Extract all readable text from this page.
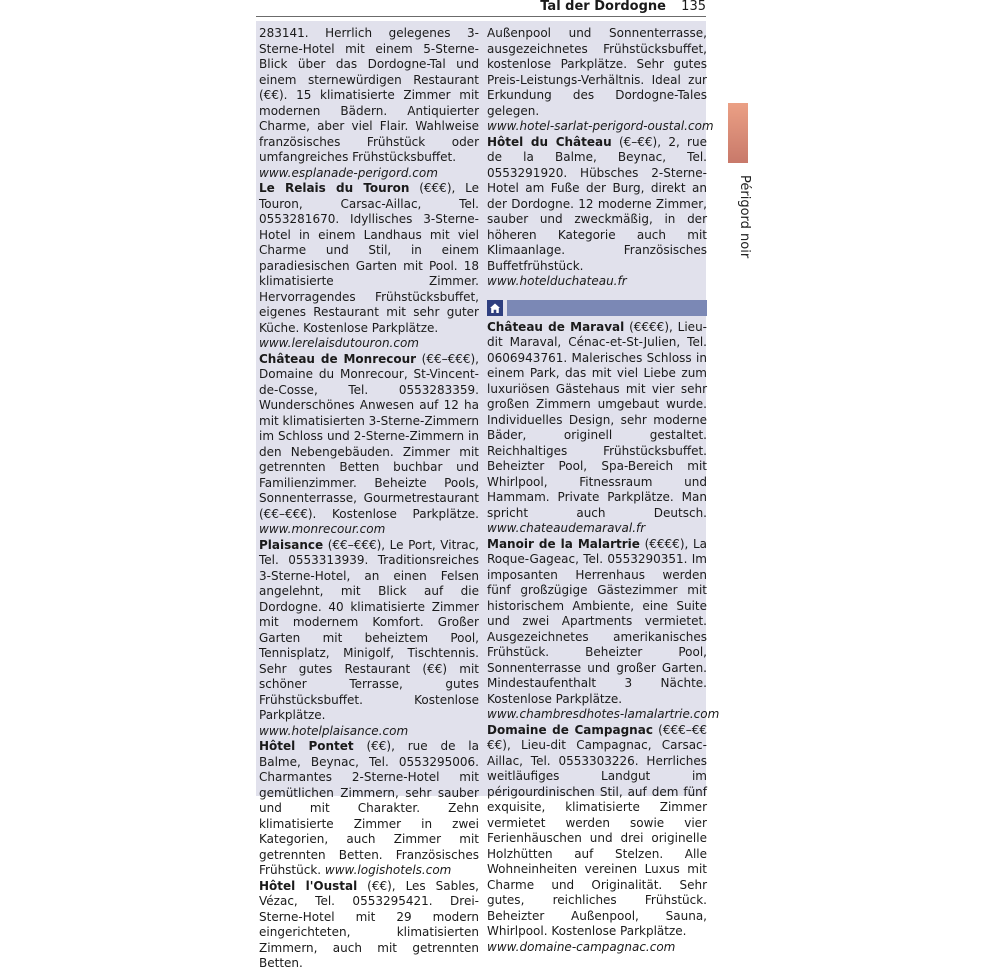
Tal der Dordogne 135

283141. Herrlich gelegenes 3-Sterne-Hotel mit einem 5-Sterne-Blick über das Dordogne-Tal und einem sternewürdigen Restaurant (€€). 15 klimatisierte Zimmer mit modernen Bädern. Antiquierter Charme, aber viel Flair. Wahlweise französisches Frühstück oder umfangreiches Frühstücksbuffet.
www.esplanade-perigord.com

Le Relais du Touron (€€€), Le Touron, Carsac-Aillac, Tel. 0553281670. Idyllisches 3-Sterne-Hotel in einem Landhaus mit viel Charme und Stil, in einem paradiesischen Garten mit Pool. 18 klimatisierte Zimmer. Hervorragendes Frühstücksbuffet, eigenes Restaurant mit sehr guter Küche. Kostenlose Parkplätze.
www.lerelaisdutouron.com

Château de Monrecour (€€–€€€), Domaine du Monrecour, St-Vincent-de-Cosse, Tel. 0553283359. Wunderschönes Anwesen auf 12 ha mit klimatisierten 3-Sterne-Zimmern im Schloss und 2-Sterne-Zimmern in den Nebengebäuden. Zimmer mit getrennten Betten buchbar und Familienzimmer. Beheizte Pools, Sonnenterrasse, Gourmetrestaurant (€€–€€€). Kostenlose Parkplätze. www.monrecour.com

Plaisance (€€–€€€), Le Port, Vitrac, Tel. 0553313939. Traditionsreiches 3-Sterne-Hotel, an einen Felsen angelehnt, mit Blick auf die Dordogne. 40 klimatisierte Zimmer mit modernem Komfort. Großer Garten mit beheiztem Pool, Tennisplatz, Minigolf, Tischtennis. Sehr gutes Restaurant (€€) mit schöner Terrasse, gutes Frühstücksbuffet. Kostenlose Parkplätze.
www.hotelplaisance.com

Hôtel Pontet (€€), rue de la Balme, Beynac, Tel. 0553295006. Charmantes 2-Sterne-Hotel mit gemütlichen Zimmern, sehr sauber und mit Charakter. Zehn klimatisierte Zimmer in zwei Kategorien, auch Zimmer mit getrennten Betten. Französisches Frühstück. www.logishotels.com

Hôtel l'Oustal (€€), Les Sables, Vézac, Tel. 0553295421. Drei-Sterne-Hotel mit 29 modern eingerichteten, klimatisierten Zimmern, auch mit getrennten Betten.

Außenpool und Sonnenterrasse, ausgezeichnetes Frühstücksbuffet, kostenlose Parkplätze. Sehr gutes Preis-Leistungs-Verhältnis. Ideal zur Erkundung des Dordogne-Tales gelegen.
www.hotel-sarlat-perigord-oustal.com

Hôtel du Château (€–€€), 2, rue de la Balme, Beynac, Tel. 0553291920. Hübsches 2-Sterne-Hotel am Fuße der Burg, direkt an der Dordogne. 12 moderne Zimmer, sauber und zweckmäßig, in der höheren Kategorie auch mit Klimaanlage. Französisches Buffetfrühstück.
www.hotelduchateau.fr

Château de Maraval (€€€€), Lieu-dit Maraval, Cénac-et-St-Julien, Tel. 0606943761. Malerisches Schloss in einem Park, das mit viel Liebe zum luxuriösen Gästehaus mit vier sehr großen Zimmern umgebaut wurde. Individuelles Design, sehr moderne Bäder, originell gestaltet. Reichhaltiges Frühstücksbuffet. Beheizter Pool, Spa-Bereich mit Whirlpool, Fitnessraum und Hammam. Private Parkplätze. Man spricht auch Deutsch. www.chateaudemaraval.fr

Manoir de la Malartrie (€€€€), La Roque-Gageac, Tel. 0553290351. Im imposanten Herrenhaus werden fünf großzügige Gästezimmer mit historischem Ambiente, eine Suite und zwei Apartments vermietet. Ausgezeichnetes amerikanisches Frühstück. Beheizter Pool, Sonnenterrasse und großer Garten. Mindestaufenthalt 3 Nächte. Kostenlose Parkplätze.
www.chambresdhotes-lamalartrie.com

Domaine de Campagnac (€€€–€€€€), Lieu-dit Campagnac, Carsac-Aillac, Tel. 0553303226. Herrliches weitläufiges Landgut im périgourdinischen Stil, auf dem fünf exquisite, klimatisierte Zimmer vermietet werden sowie vier Ferienhäuschen und drei originelle Holzhütten auf Stelzen. Alle Wohneinheiten vereinen Luxus mit Charme und Originalität. Sehr gutes, reichliches Frühstück. Beheizter Außenpool, Sauna, Whirlpool. Kostenlose Parkplätze.
www.domaine-campagnac.com

Périgord noir
